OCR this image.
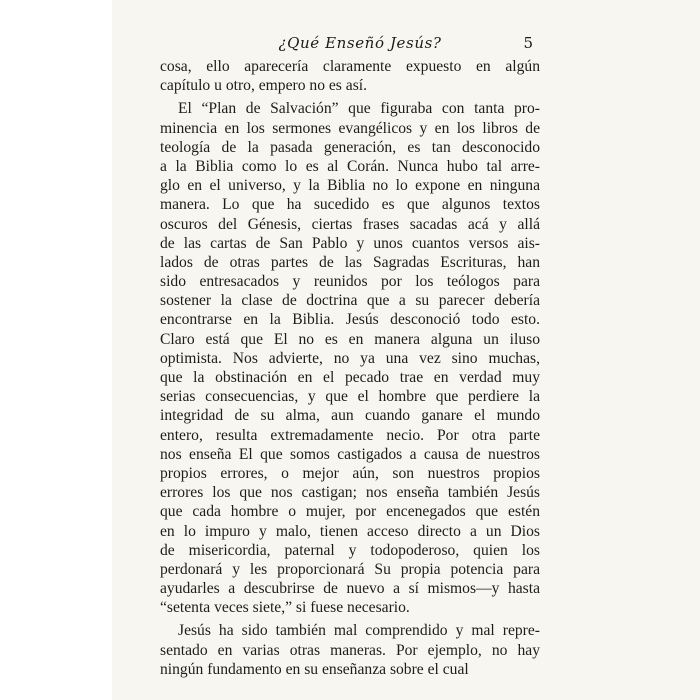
¿Qué Enseñó Jesús?	5
cosa, ello aparecería claramente expuesto en algún
capítulo u otro, empero no es así.
El “Plan de Salvación” que figuraba con tanta pro-
minencia en los sermones evangélicos y en los libros de
teología de la pasada generación, es tan desconocido
a la Biblia como lo es al Corán. Nunca hubo tal arre-
glo en el universo, y la Biblia no lo expone en ninguna
manera. Lo que ha sucedido es que algunos textos
oscuros del Génesis, ciertas frases sacadas acá y allá
de las cartas de San Pablo y unos cuantos versos ais-
lados de otras partes de las Sagradas Escrituras, han
sido entresacados y reunidos por los teólogos para
sostener la clase de doctrina que a su parecer debería
encontrarse en la Biblia. Jesús desconoció todo esto.
Claro está que El no es en manera alguna un iluso
optimista. Nos advierte, no ya una vez sino muchas,
que la obstinación en el pecado trae en verdad muy
serias consecuencias, y que el hombre que perdiere la
integridad de su alma, aun cuando ganare el mundo
entero, resulta extremadamente necio. Por otra parte
nos enseña El que somos castigados a causa de nuestros
propios errores, o mejor aún, son nuestros propios
errores los que nos castigan; nos enseña también Jesús
que cada hombre o mujer, por encenegados que estén
en lo impuro y malo, tienen acceso directo a un Dios
de misericordia, paternal y todopoderoso, quien los
perdonará y les proporcionará Su propia potencia para
ayudarles a descubrirse de nuevo a sí mismos—y hasta
“setenta veces siete,” si fuese necesario.
Jesús ha sido también mal comprendido y mal repre-
sentado en varias otras maneras. Por ejemplo, no hay
ningún fundamento en su enseñanza sobre el cual
